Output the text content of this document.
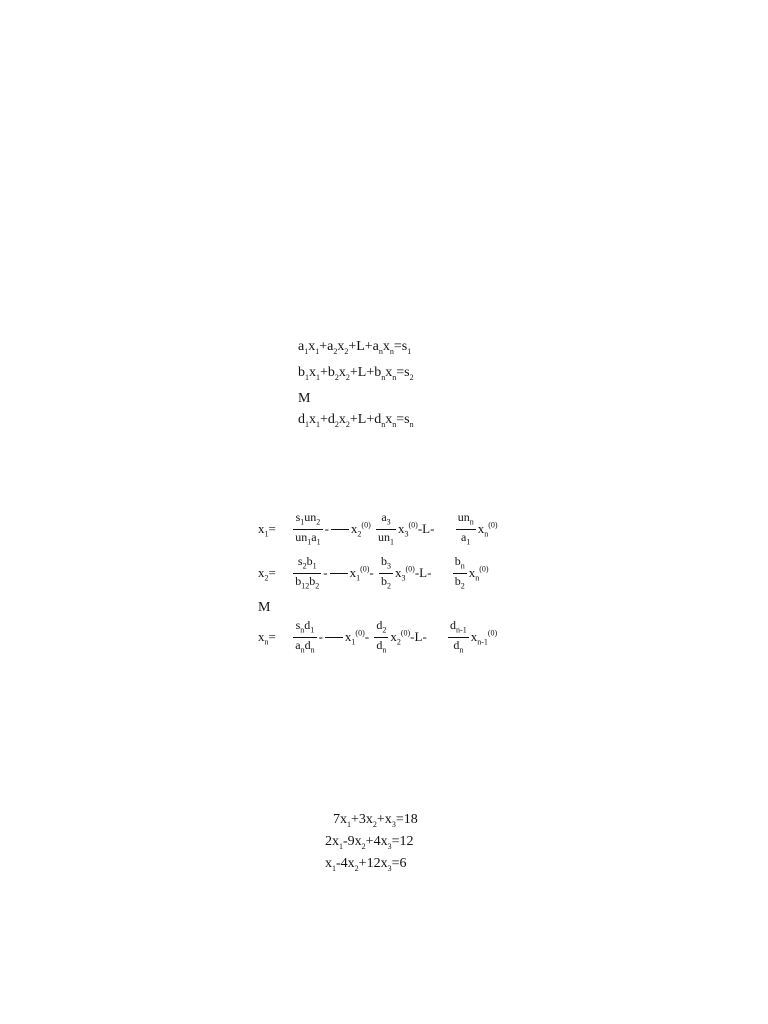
$a_1x_1+a_2x_2+L+a_nx_n=s_1$
$b_1x_1+b_2x_2+L+b_nx_n=s_2$
M
$d_1x_1+d_2x_2+L+d_nx_n=s_n$
$x_1= \frac{s_1un_2}{un_1a_1} - x_2^{(0)} \frac{a_3}{un_1} x_3^{(0)}-L- \frac{un_n}{a_1} x_n^{(0)}$
$x_2= \frac{s_2b_1}{b_{12}b_2} - x_1^{(0)}- \frac{b_3}{b_2} x_3^{(0)}-L- \frac{b_n}{b_2} x_n^{(0)}$
M
$x_n= \frac{s_nd_1}{a_nd_n} - x_1^{(0)}- \frac{d_2}{d_n} x_2^{(0)}-L- \frac{d_{n-1}}{d_n} x_{n-1}^{(0)}$
$7x_1+3x_2+x_3=18$
$2x_1-9x_2+4x_3=12$
$x_1-4x_2+12x_3=6$
